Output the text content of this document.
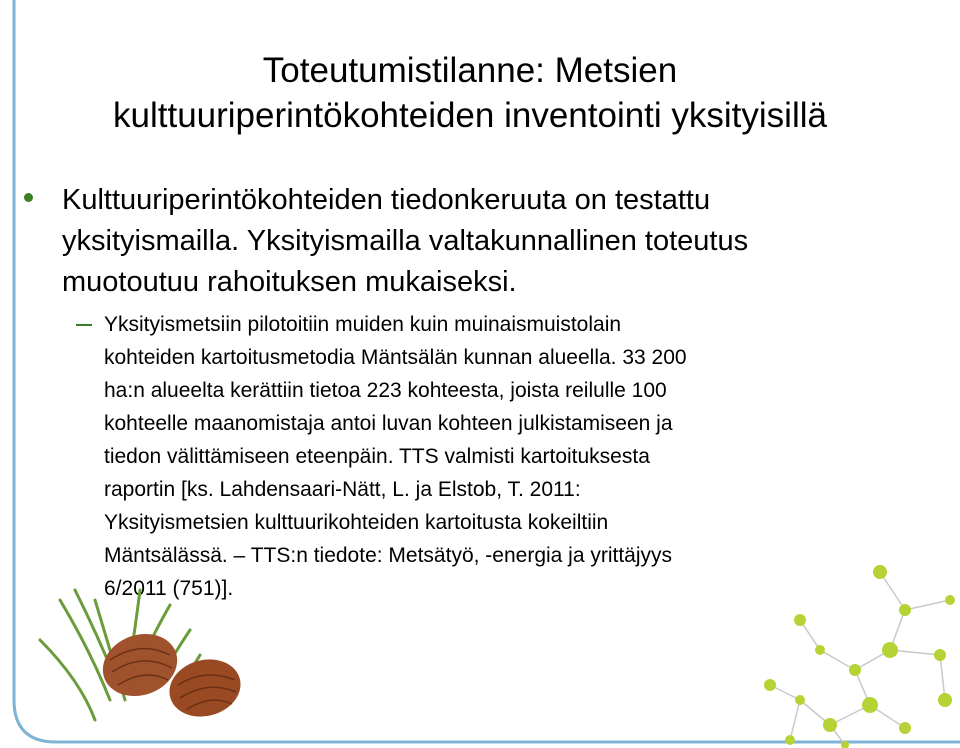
Toteutumistilanne: Metsien
kulttuuriperintökohteiden inventointi yksityisillä
Kulttuuriperintökohteiden tiedonkeruuta on testattu
yksityismailla. Yksityismailla valtakunnallinen toteutus
muotoutuu rahoituksen mukaiseksi.
Yksityismetsiin pilotoitiin muiden kuin muinaismuistolain
kohteiden kartoitusmetodia Mäntsälän kunnan alueella. 33 200
ha:n alueelta kerättiin tietoa 223 kohteesta, joista reilulle 100
kohteelle maanomistaja antoi luvan kohteen julkistamiseen ja
tiedon välittämiseen eteenpäin. TTS valmisti kartoituksesta
raportin [ks. Lahdensaari-Nätt, L. ja Elstob, T. 2011:
Yksityismetsien kulttuurikohteiden kartoitusta kokeiltiin
Mäntsälässä. – TTS:n tiedote: Metsätyö, -energia ja yrittäjyys
6/2011 (751)].
